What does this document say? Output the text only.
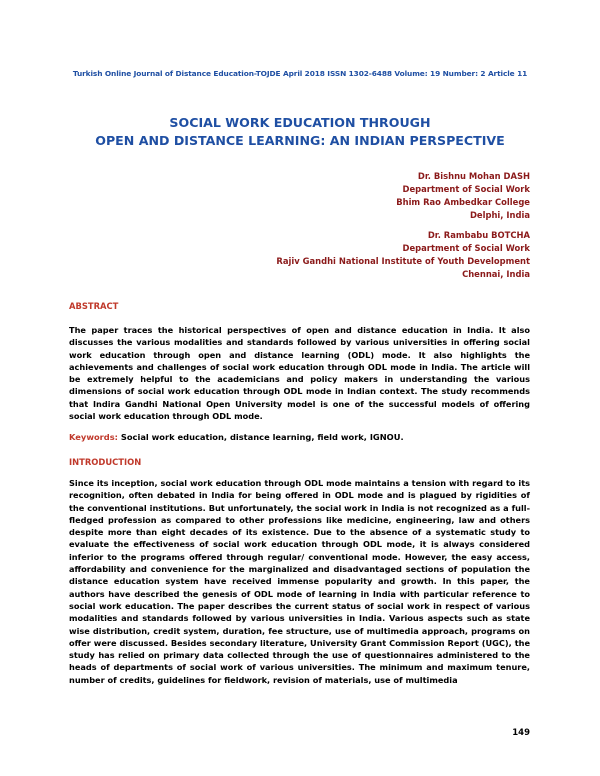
Turkish Online Journal of Distance Education-TOJDE April 2018 ISSN 1302-6488 Volume: 19 Number: 2 Article 11
SOCIAL WORK EDUCATION THROUGH
OPEN AND DISTANCE LEARNING: AN INDIAN PERSPECTIVE
Dr. Bishnu Mohan DASH
Department of Social Work
Bhim Rao Ambedkar College
Delphi, India
Dr. Rambabu BOTCHA
Department of Social Work
Rajiv Gandhi National Institute of Youth Development
Chennai, India
ABSTRACT

The paper traces the historical perspectives of open and distance education in India. It also discusses the various modalities and standards followed by various universities in offering social work education through open and distance learning (ODL) mode. It also highlights the achievements and challenges of social work education through ODL mode in India. The article will be extremely helpful to the academicians and policy makers in understanding the various dimensions of social work education through ODL mode in Indian context. The study recommends that Indira Gandhi National Open University model is one of the successful models of offering social work education through ODL mode.

Keywords: Social work education, distance learning, field work, IGNOU.
INTRODUCTION

Since its inception, social work education through ODL mode maintains a tension with regard to its recognition, often debated in India for being offered in ODL mode and is plagued by rigidities of the conventional institutions. But unfortunately, the social work in India is not recognized as a full-fledged profession as compared to other professions like medicine, engineering, law and others despite more than eight decades of its existence. Due to the absence of a systematic study to evaluate the effectiveness of social work education through ODL mode, it is always considered inferior to the programs offered through regular/ conventional mode. However, the easy access, affordability and convenience for the marginalized and disadvantaged sections of population the distance education system have received immense popularity and growth. In this paper, the authors have described the genesis of ODL mode of learning in India with particular reference to social work education. The paper describes the current status of social work in respect of various modalities and standards followed by various universities in India. Various aspects such as state wise distribution, credit system, duration, fee structure, use of multimedia approach, programs on offer were discussed. Besides secondary literature, University Grant Commission Report (UGC), the study has relied on primary data collected through the use of questionnaires administered to the heads of departments of social work of various universities. The minimum and maximum tenure, number of credits, guidelines for fieldwork, revision of materials, use of multimedia

149
